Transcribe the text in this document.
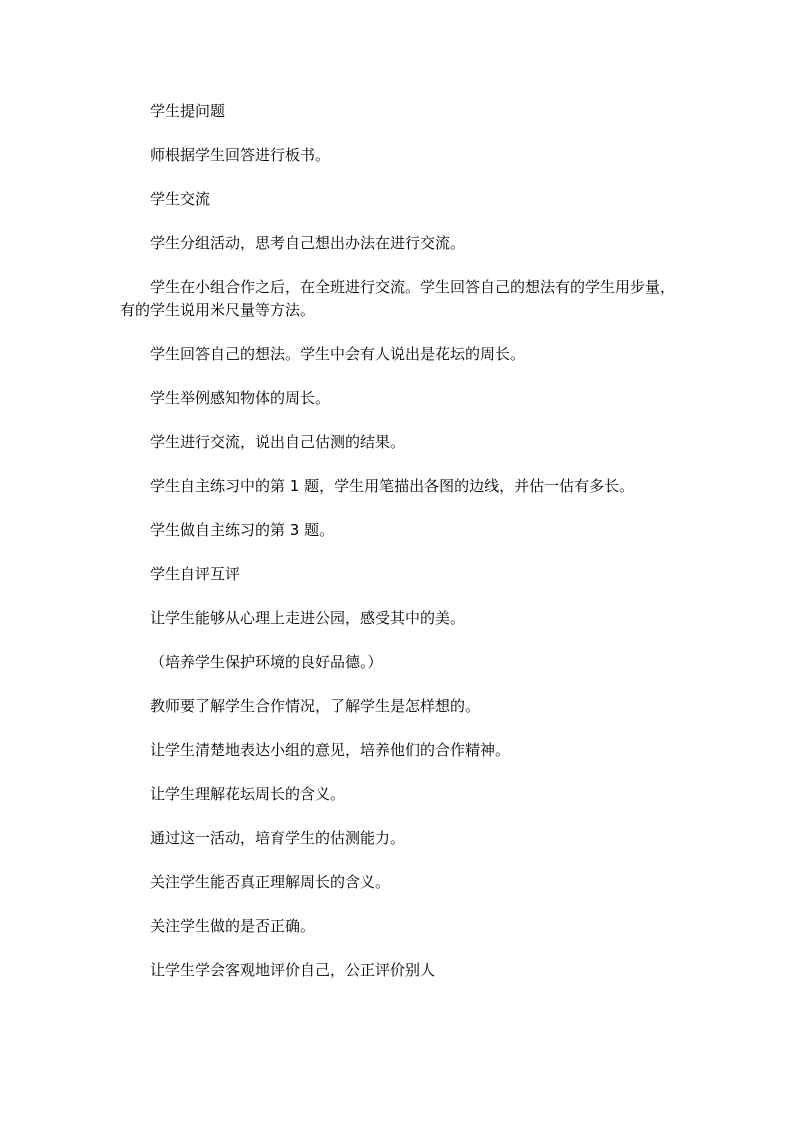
学生提问题

师根据学生回答进行板书。

学生交流

学生分组活动，思考自己想出办法在进行交流。

学生在小组合作之后，在全班进行交流。学生回答自己的想法有的学生用步量，有的学生说用米尺量等方法。

学生回答自己的想法。学生中会有人说出是花坛的周长。

学生举例感知物体的周长。

学生进行交流，说出自己估测的结果。

学生自主练习中的第 1 题，学生用笔描出各图的边线，并估一估有多长。

学生做自主练习的第 3 题。

学生自评互评

让学生能够从心理上走进公园，感受其中的美。

（培养学生保护环境的良好品德。）

教师要了解学生合作情况，了解学生是怎样想的。

让学生清楚地表达小组的意见，培养他们的合作精神。

让学生理解花坛周长的含义。

通过这一活动，培育学生的估测能力。

关注学生能否真正理解周长的含义。

关注学生做的是否正确。

让学生学会客观地评价自己，公正评价别人
